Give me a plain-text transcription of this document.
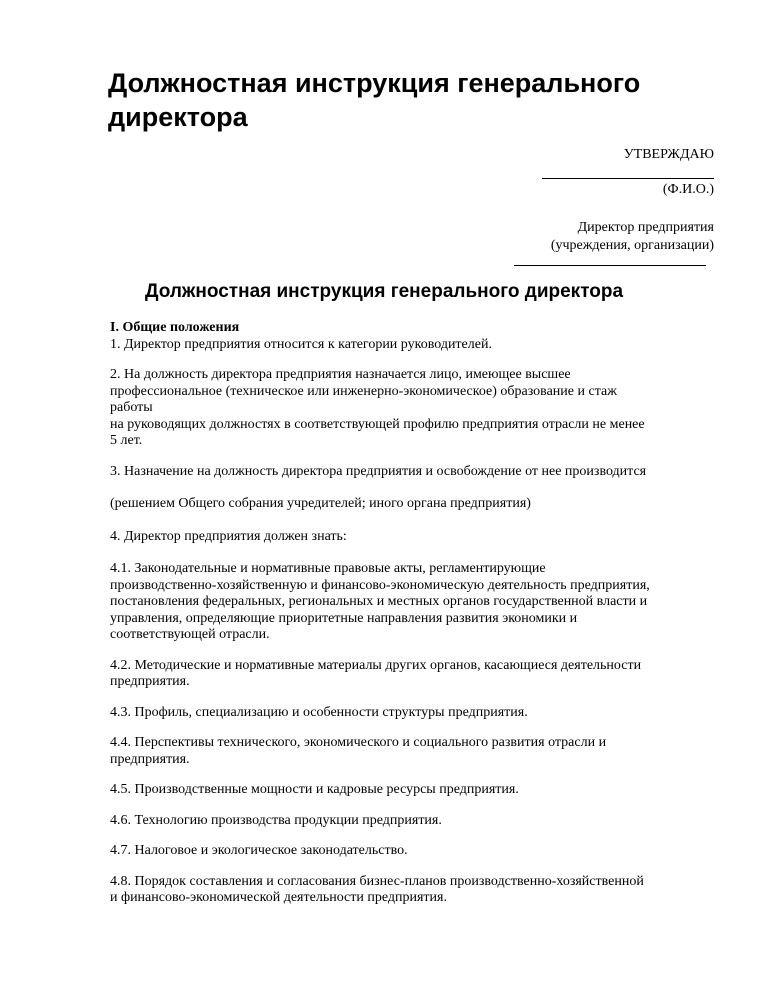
Должностная инструкция генерального директора
УТВЕРЖДАЮ
(Ф.И.О.)
Директор предприятия
(учреждения, организации)
Должностная инструкция генерального директора

I. Общие положения
1. Директор предприятия относится к категории руководителей.

2. На должность директора предприятия назначается лицо, имеющее высшее
профессиональное (техническое или инженерно-экономическое) образование и стаж
работы
на руководящих должностях в соответствующей профилю предприятия отрасли не менее
5 лет.

3. Назначение на должность директора предприятия и освобождение от нее производится

(решением Общего собрания учредителей; иного органа предприятия)

4. Директор предприятия должен знать:

4.1. Законодательные и нормативные правовые акты, регламентирующие
производственно-хозяйственную и финансово-экономическую деятельность предприятия,
постановления федеральных, региональных и местных органов государственной власти и
управления, определяющие приоритетные направления развития экономики и
соответствующей отрасли.

4.2. Методические и нормативные материалы других органов, касающиеся деятельности
предприятия.

4.3. Профиль, специализацию и особенности структуры предприятия.

4.4. Перспективы технического, экономического и социального развития отрасли и
предприятия.

4.5. Производственные мощности и кадровые ресурсы предприятия.

4.6. Технологию производства продукции предприятия.

4.7. Налоговое и экологическое законодательство.

4.8. Порядок составления и согласования бизнес-планов производственно-хозяйственной
и финансово-экономической деятельности предприятия.
